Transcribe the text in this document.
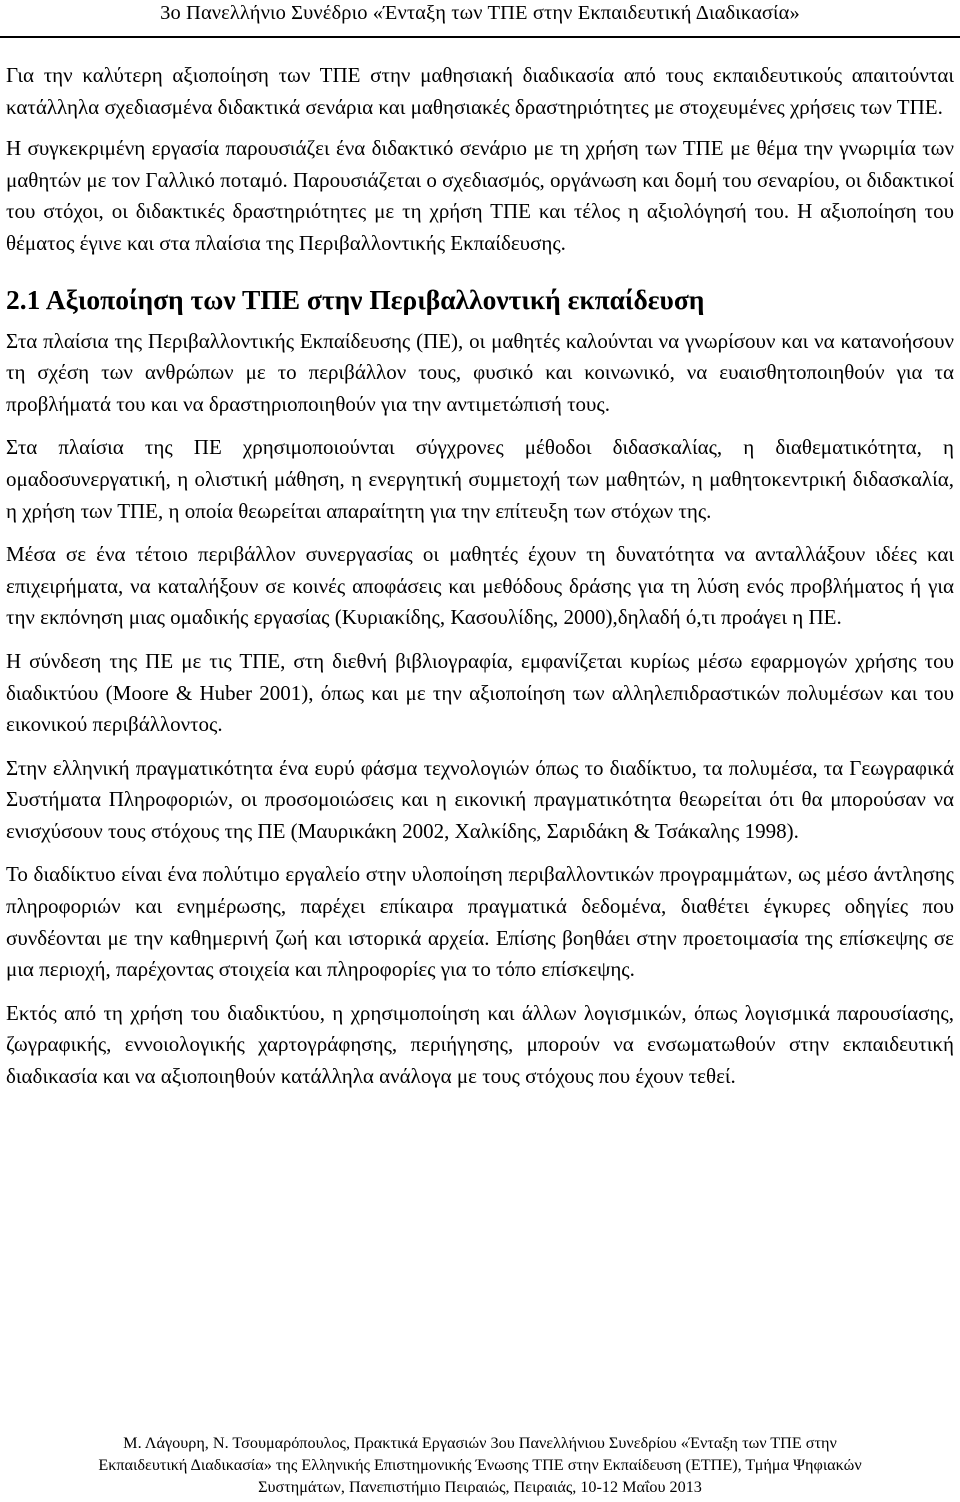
3ο Πανελλήνιο Συνέδριο «Ένταξη των ΤΠΕ στην Εκπαιδευτική Διαδικασία»

Για την καλύτερη αξιοποίηση των ΤΠΕ στην μαθησιακή διαδικασία από τους εκπαιδευτικούς απαιτούνται κατάλληλα σχεδιασμένα διδακτικά σενάρια και μαθησιακές δραστηριότητες με στοχευμένες χρήσεις των ΤΠΕ.

Η συγκεκριμένη εργασία παρουσιάζει ένα διδακτικό σενάριο με τη χρήση των ΤΠΕ με θέμα την γνωριμία των μαθητών με τον Γαλλικό ποταμό. Παρουσιάζεται ο σχεδιασμός, οργάνωση και δομή του σεναρίου, οι διδακτικοί του στόχοι, οι διδακτικές δραστηριότητες με τη χρήση ΤΠΕ και τέλος η αξιολόγησή του. Η αξιοποίηση του θέματος έγινε και στα πλαίσια της Περιβαλλοντικής Εκπαίδευσης.

2.1 Αξιοποίηση των ΤΠΕ στην Περιβαλλοντική εκπαίδευση

Στα πλαίσια της Περιβαλλοντικής Εκπαίδευσης (ΠΕ), οι μαθητές καλούνται να γνωρίσουν και να κατανοήσουν τη σχέση των ανθρώπων με το περιβάλλον τους, φυσικό και κοινωνικό, να ευαισθητοποιηθούν για τα προβλήματά του και να δραστηριοποιηθούν για την αντιμετώπισή τους.

Στα πλαίσια της ΠΕ χρησιμοποιούνται σύγχρονες μέθοδοι διδασκαλίας, η διαθεματικότητα, η ομαδοσυνεργατική, η ολιστική μάθηση, η ενεργητική συμμετοχή των μαθητών, η μαθητοκεντρική διδασκαλία, η χρήση των ΤΠΕ, η οποία θεωρείται απαραίτητη για την επίτευξη των στόχων της.

Μέσα σε ένα τέτοιο περιβάλλον συνεργασίας οι μαθητές έχουν τη δυνατότητα να ανταλλάξουν ιδέες και επιχειρήματα, να καταλήξουν σε κοινές αποφάσεις και μεθόδους δράσης για τη λύση ενός προβλήματος ή για την εκπόνηση μιας ομαδικής εργασίας (Κυριακίδης, Κασουλίδης, 2000),δηλαδή ό,τι προάγει η ΠΕ.

Η σύνδεση της ΠΕ με τις ΤΠΕ, στη διεθνή βιβλιογραφία, εμφανίζεται κυρίως μέσω εφαρμογών χρήσης του διαδικτύου (Moore & Huber 2001), όπως και με την αξιοποίηση των αλληλεπιδραστικών πολυμέσων και του εικονικού περιβάλλοντος.

Στην ελληνική πραγματικότητα ένα ευρύ φάσμα τεχνολογιών όπως το διαδίκτυο, τα πολυμέσα, τα Γεωγραφικά Συστήματα Πληροφοριών, οι προσομοιώσεις και η εικονική πραγματικότητα θεωρείται ότι θα μπορούσαν να ενισχύσουν τους στόχους της ΠΕ (Μαυρικάκη 2002, Χαλκίδης, Σαριδάκη & Τσάκαλης 1998).

Το διαδίκτυο είναι ένα πολύτιμο εργαλείο στην υλοποίηση περιβαλλοντικών προγραμμάτων, ως μέσο άντλησης πληροφοριών και ενημέρωσης, παρέχει επίκαιρα πραγματικά δεδομένα, διαθέτει έγκυρες οδηγίες που συνδέονται με την καθημερινή ζωή και ιστορικά αρχεία. Επίσης βοηθάει στην προετοιμασία της επίσκεψης σε μια περιοχή, παρέχοντας στοιχεία και πληροφορίες για το τόπο επίσκεψης.

Εκτός από τη χρήση του διαδικτύου, η χρησιμοποίηση και άλλων λογισμικών, όπως λογισμικά παρουσίασης, ζωγραφικής, εννοιολογικής χαρτογράφησης, περιήγησης, μπορούν να ενσωματωθούν στην εκπαιδευτική διαδικασία και να αξιοποιηθούν κατάλληλα ανάλογα με τους στόχους που έχουν τεθεί.

Μ. Λάγουρη, Ν. Τσουμαρόπουλος, Πρακτικά Εργασιών 3ου Πανελλήνιου Συνεδρίου «Ένταξη των ΤΠΕ στην
Εκπαιδευτική Διαδικασία» της Ελληνικής Επιστημονικής Ένωσης ΤΠΕ στην Εκπαίδευση (ΕΤΠΕ), Τμήμα Ψηφιακών
Συστημάτων, Πανεπιστήμιο Πειραιώς, Πειραιάς, 10-12 Μαΐου 2013
